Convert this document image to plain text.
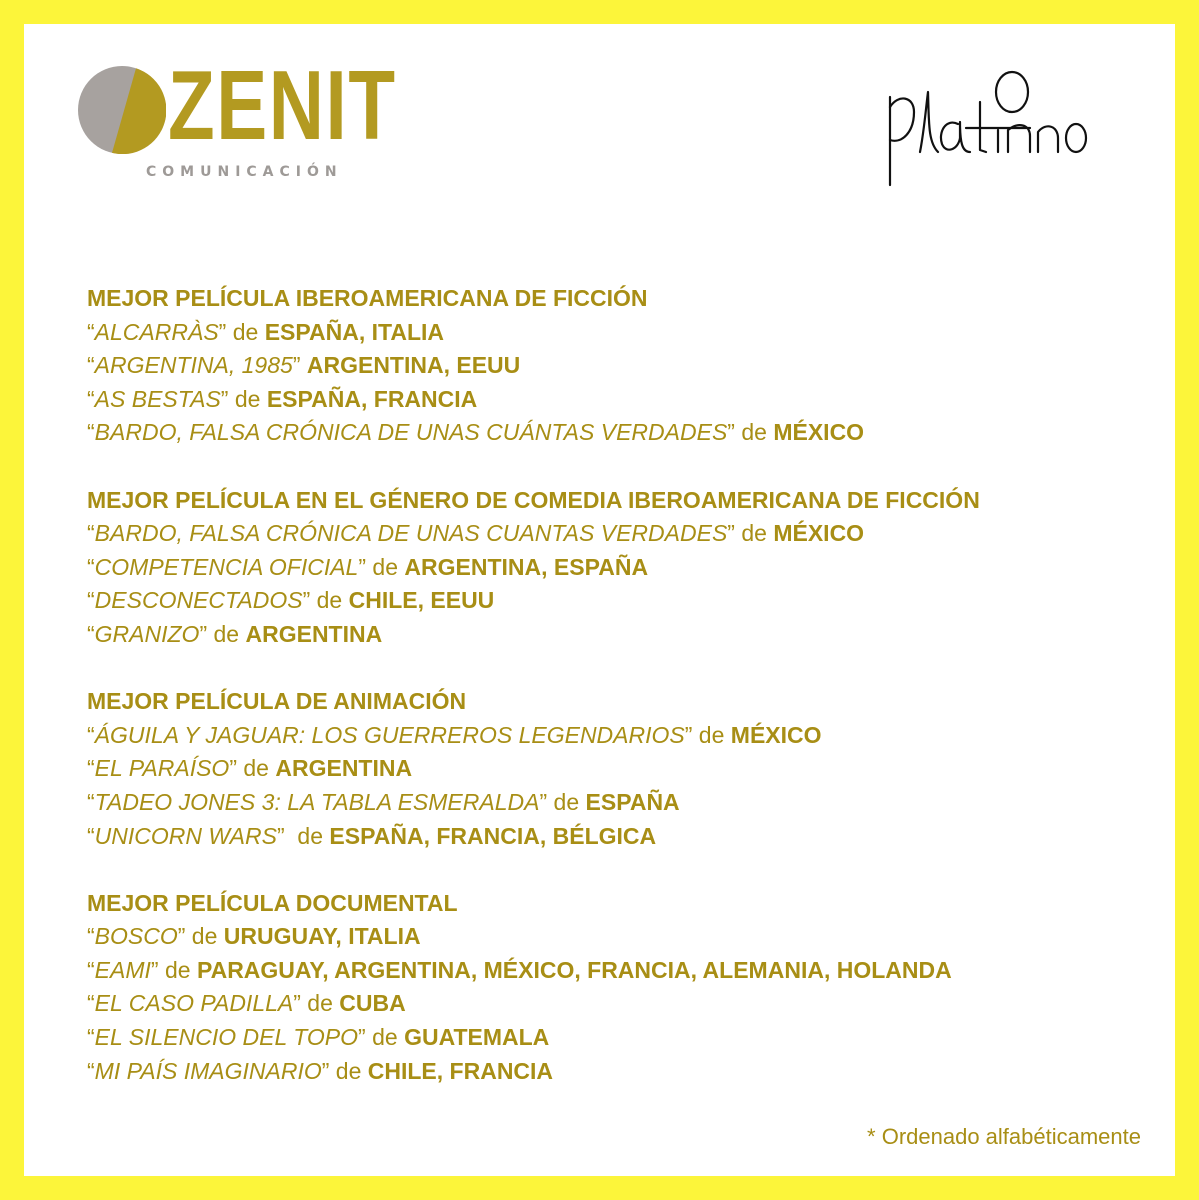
ZENIT
COMUNICACIÓN
platino
MEJOR PELÍCULA IBEROAMERICANA DE FICCIÓN
“ALCARRÀS” de ESPAÑA, ITALIA
“ARGENTINA, 1985” ARGENTINA, EEUU
“AS BESTAS” de ESPAÑA, FRANCIA
“BARDO, FALSA CRÓNICA DE UNAS CUÁNTAS VERDADES” de MÉXICO
MEJOR PELÍCULA EN EL GÉNERO DE COMEDIA IBEROAMERICANA DE FICCIÓN
“BARDO, FALSA CRÓNICA DE UNAS CUANTAS VERDADES” de MÉXICO
“COMPETENCIA OFICIAL” de ARGENTINA, ESPAÑA
“DESCONECTADOS” de CHILE, EEUU
“GRANIZO” de ARGENTINA
MEJOR PELÍCULA DE ANIMACIÓN
“ÁGUILA Y JAGUAR: LOS GUERREROS LEGENDARIOS” de MÉXICO
“EL PARAÍSO” de ARGENTINA
“TADEO JONES 3: LA TABLA ESMERALDA” de ESPAÑA
“UNICORN WARS”  de ESPAÑA, FRANCIA, BÉLGICA
MEJOR PELÍCULA DOCUMENTAL
“BOSCO” de URUGUAY, ITALIA
“EAMI” de PARAGUAY, ARGENTINA, MÉXICO, FRANCIA, ALEMANIA, HOLANDA
“EL CASO PADILLA” de CUBA
“EL SILENCIO DEL TOPO” de GUATEMALA
“MI PAÍS IMAGINARIO” de CHILE, FRANCIA
* Ordenado alfabéticamente
